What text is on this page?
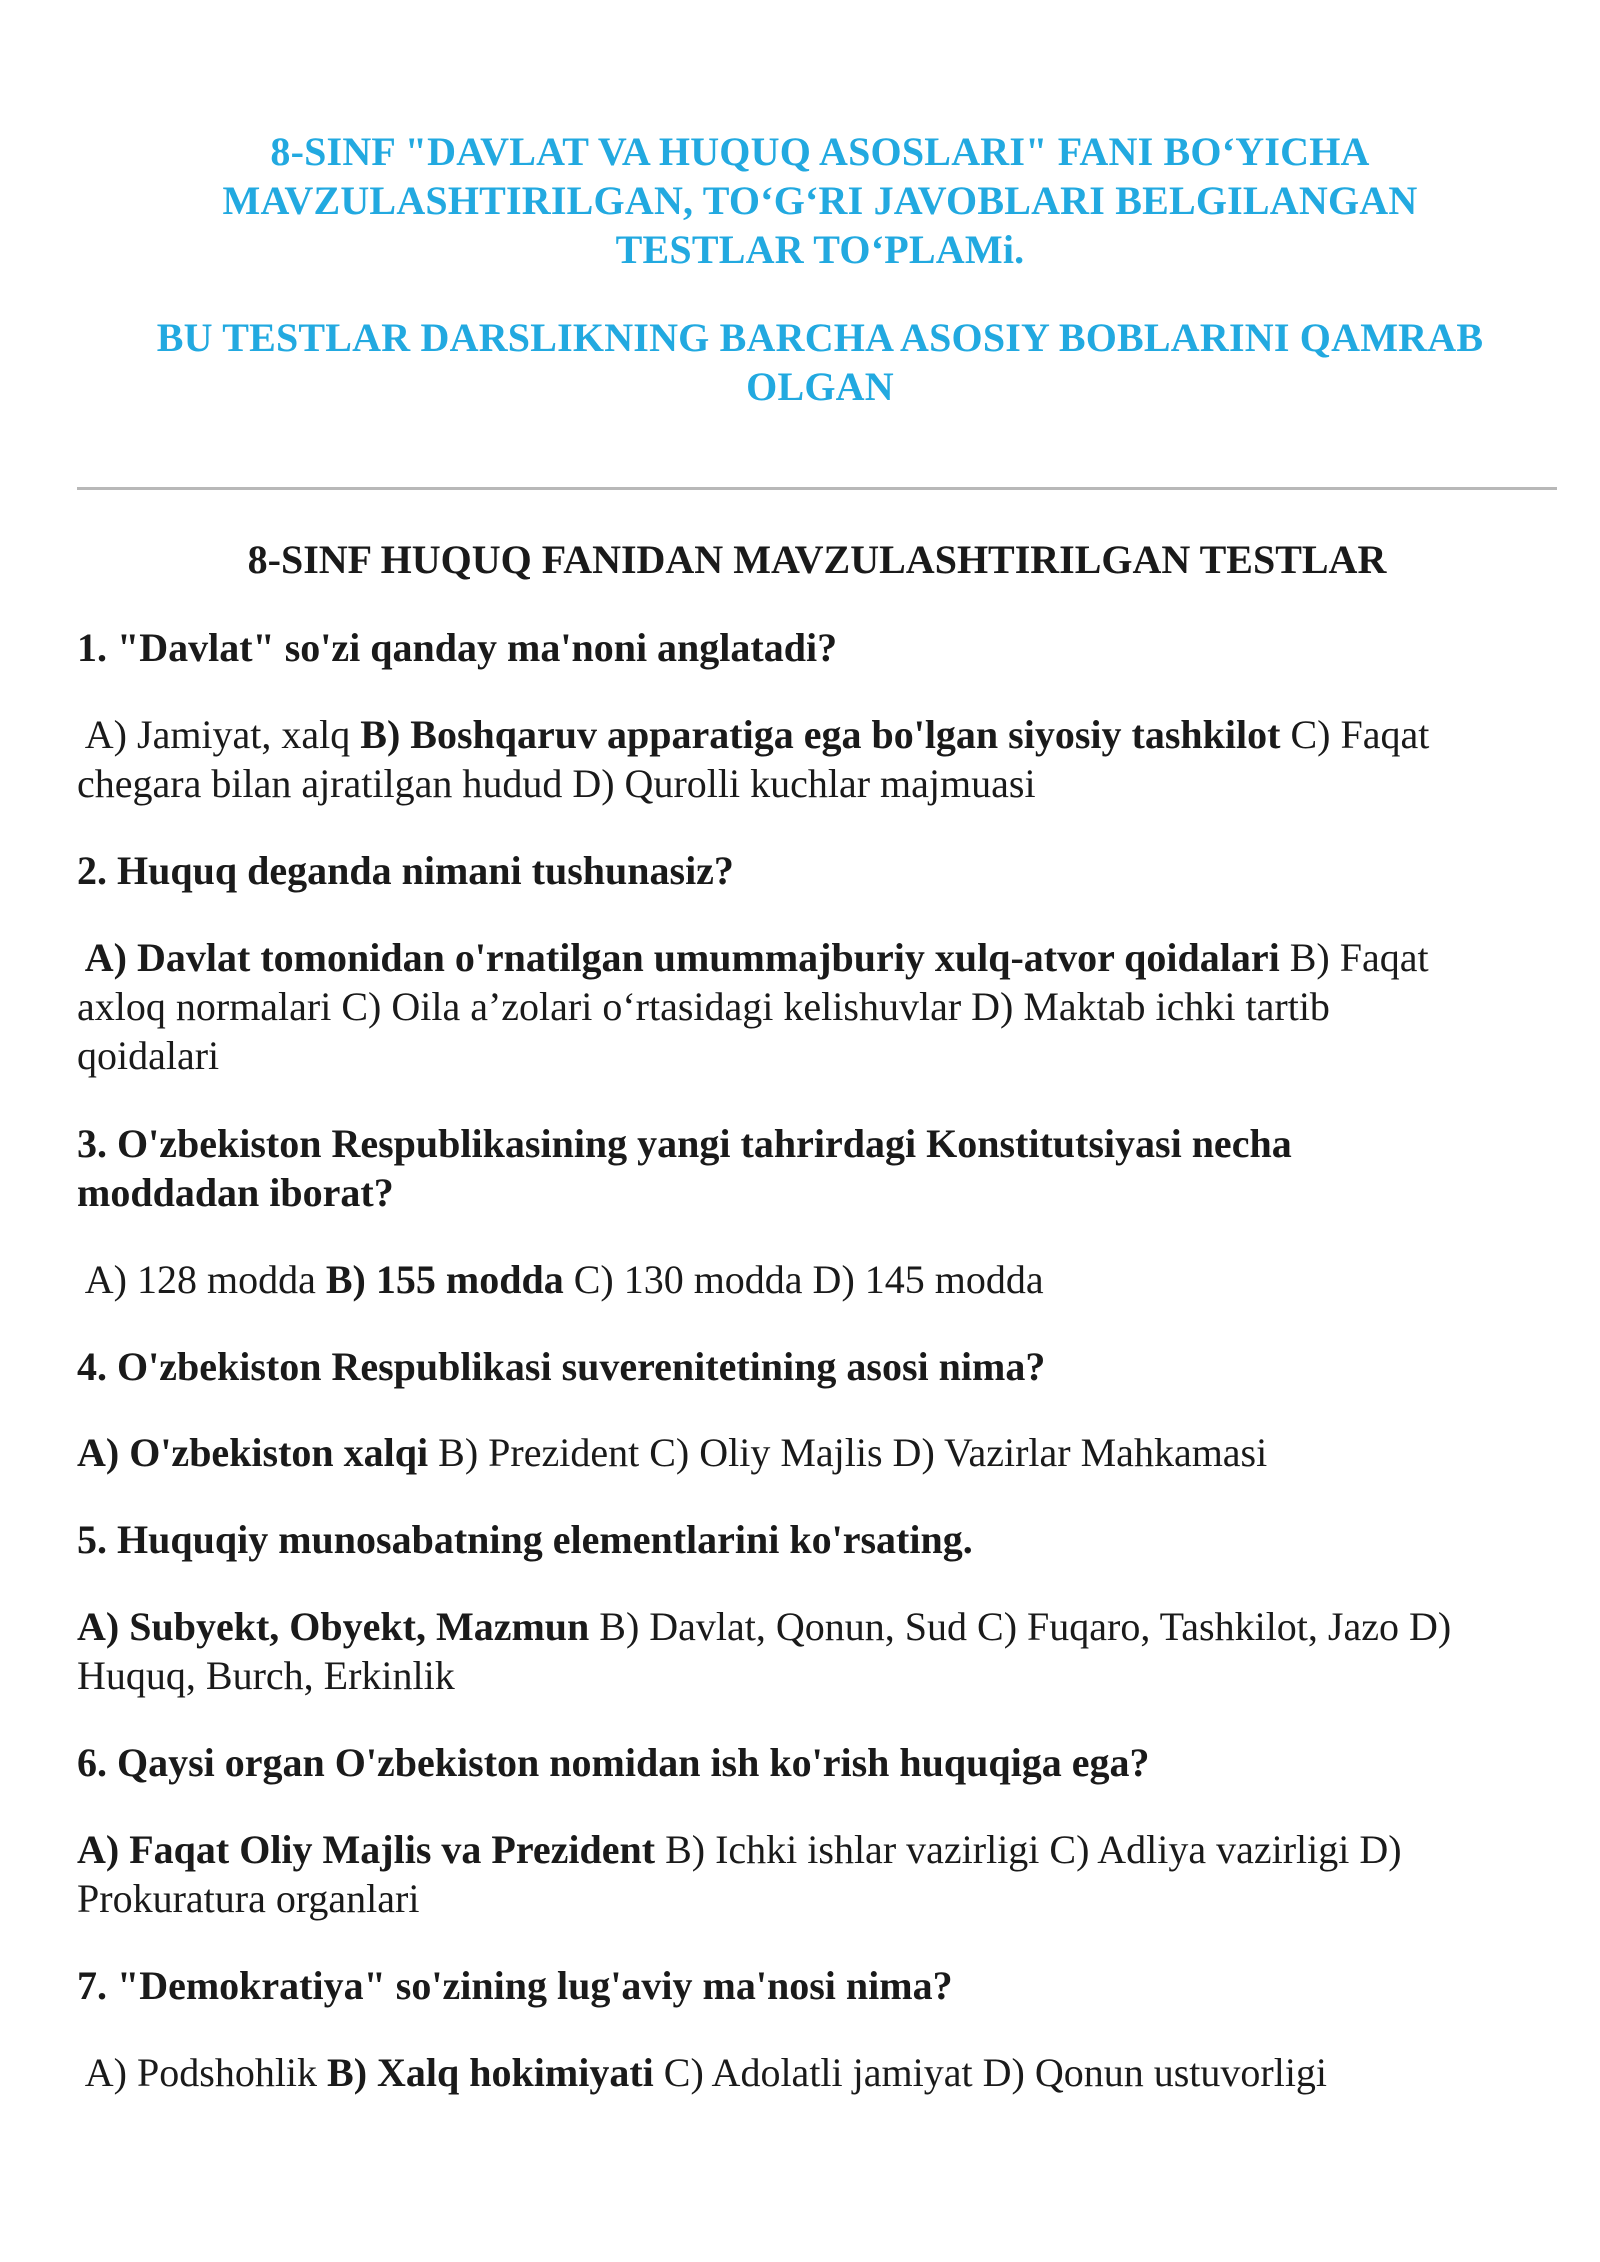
8-SINF "DAVLAT VA HUQUQ ASOSLARI" FANI BO‘YICHA
MAVZULASHTIRILGAN, TO‘G‘RI JAVOBLARI BELGILANGAN
TESTLAR TO‘PLAMi.
BU TESTLAR DARSLIKNING BARCHA ASOSIY BOBLARINI QAMRAB
OLGAN
8-SINF HUQUQ FANIDAN MAVZULASHTIRILGAN TESTLAR
1. "Davlat" so'zi qanday ma'noni anglatadi?
A) Jamiyat, xalq B) Boshqaruv apparatiga ega bo'lgan siyosiy tashkilot C) Faqat
chegara bilan ajratilgan hudud D) Qurolli kuchlar majmuasi
2. Huquq deganda nimani tushunasiz?
A) Davlat tomonidan o'rnatilgan umummajburiy xulq-atvor qoidalari B) Faqat
axloq normalari C) Oila a’zolari o‘rtasidagi kelishuvlar D) Maktab ichki tartib
qoidalari
3. O'zbekiston Respublikasining yangi tahrirdagi Konstitutsiyasi necha
moddadan iborat?
A) 128 modda B) 155 modda C) 130 modda D) 145 modda
4. O'zbekiston Respublikasi suverenitetining asosi nima?
A) O'zbekiston xalqi B) Prezident C) Oliy Majlis D) Vazirlar Mahkamasi
5. Huquqiy munosabatning elementlarini ko'rsating.
A) Subyekt, Obyekt, Mazmun B) Davlat, Qonun, Sud C) Fuqaro, Tashkilot, Jazo D)
Huquq, Burch, Erkinlik
6. Qaysi organ O'zbekiston nomidan ish ko'rish huquqiga ega?
A) Faqat Oliy Majlis va Prezident B) Ichki ishlar vazirligi C) Adliya vazirligi D)
Prokuratura organlari
7. "Demokratiya" so'zining lug'aviy ma'nosi nima?
A) Podshohlik B) Xalq hokimiyati C) Adolatli jamiyat D) Qonun ustuvorligi
